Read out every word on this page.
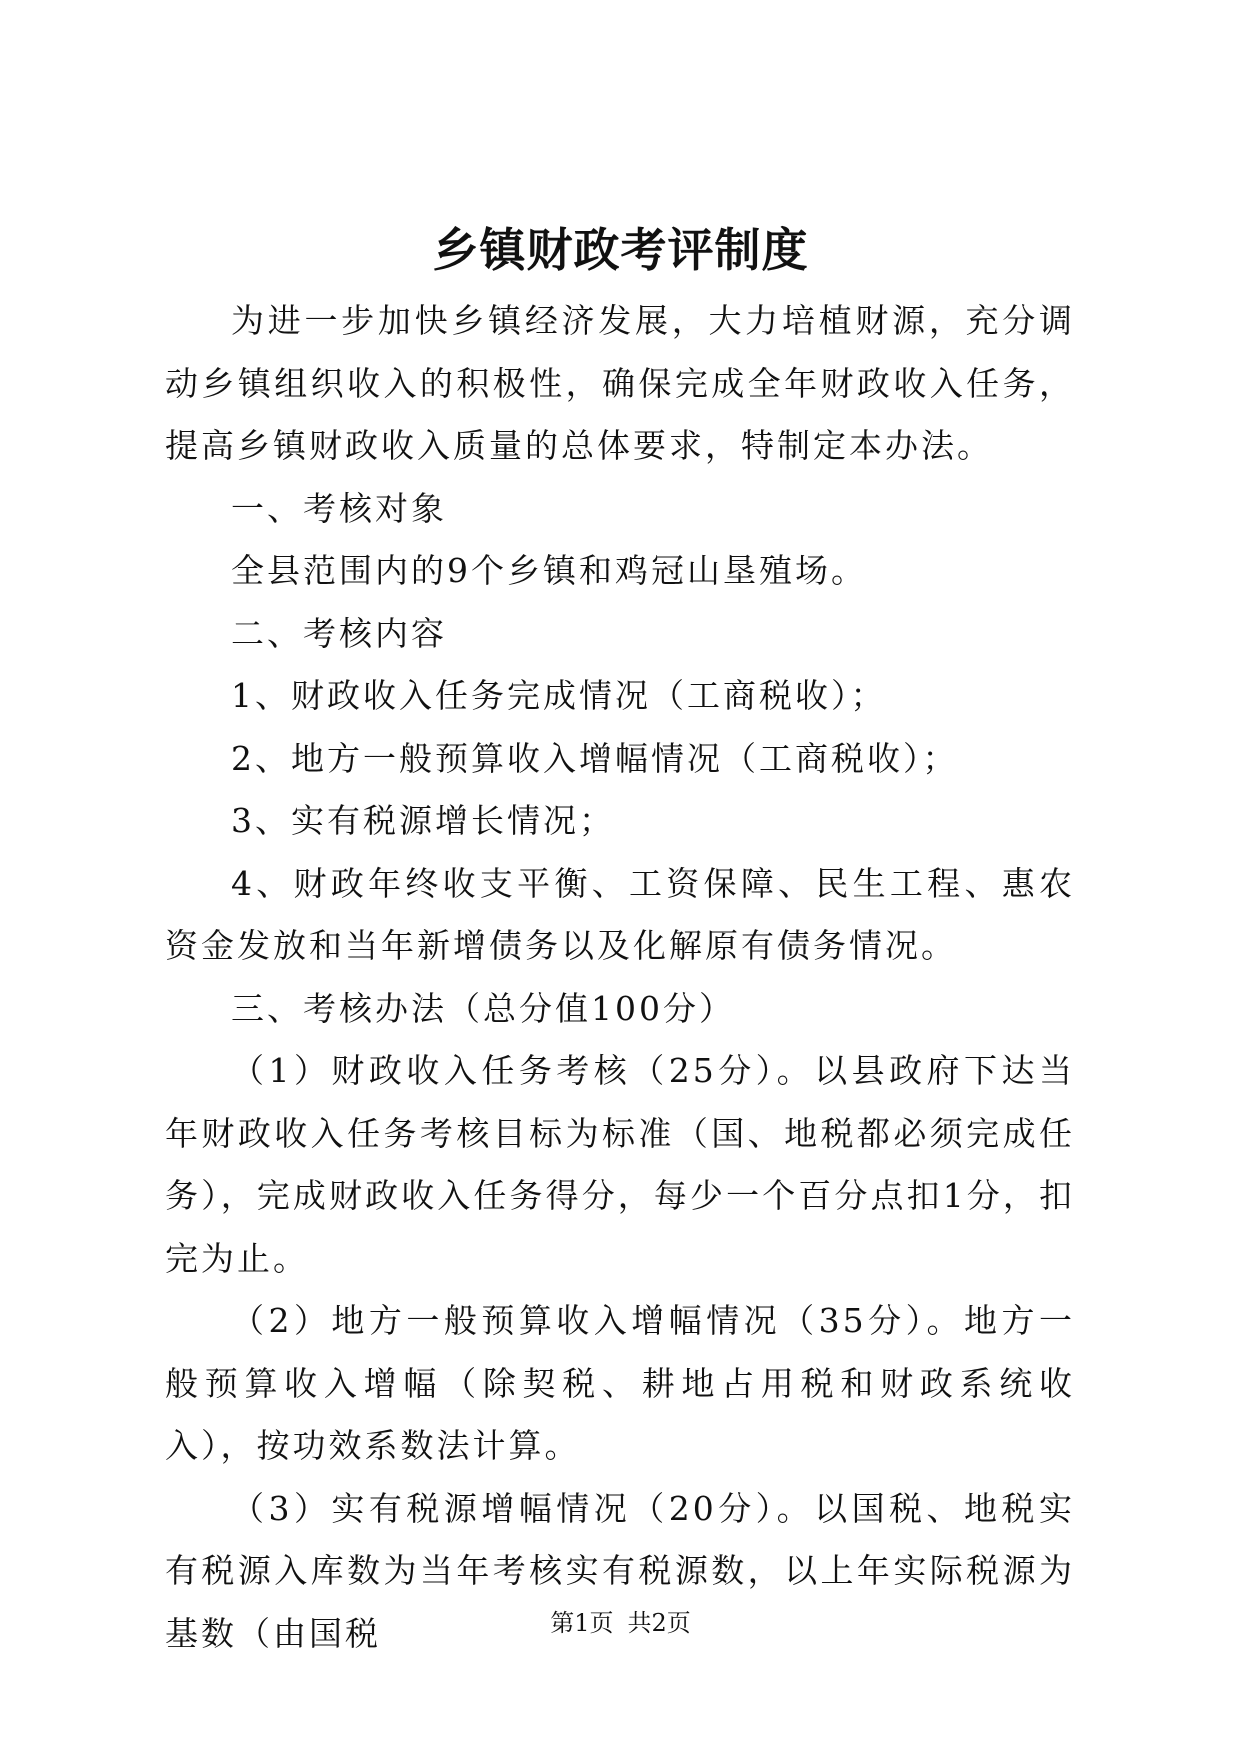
乡镇财政考评制度

为进一步加快乡镇经济发展，大力培植财源，充分调动乡镇组织收入的积极性，确保完成全年财政收入任务，提高乡镇财政收入质量的总体要求，特制定本办法。

一、考核对象

全县范围内的9个乡镇和鸡冠山垦殖场。

二、考核内容

1、财政收入任务完成情况（工商税收）；

2、地方一般预算收入增幅情况（工商税收）；

3、实有税源增长情况；

4、财政年终收支平衡、工资保障、民生工程、惠农资金发放和当年新增债务以及化解原有债务情况。

三、考核办法（总分值100分）

（1）财政收入任务考核（25分）。以县政府下达当年财政收入任务考核目标为标准（国、地税都必须完成任务），完成财政收入任务得分，每少一个百分点扣1分，扣完为止。

（2）地方一般预算收入增幅情况（35分）。地方一般预算收入增幅（除契税、耕地占用税和财政系统收入），按功效系数法计算。

（3）实有税源增幅情况（20分）。以国税、地税实有税源入库数为当年考核实有税源数，以上年实际税源为基数（由国税	第1页 共2页
